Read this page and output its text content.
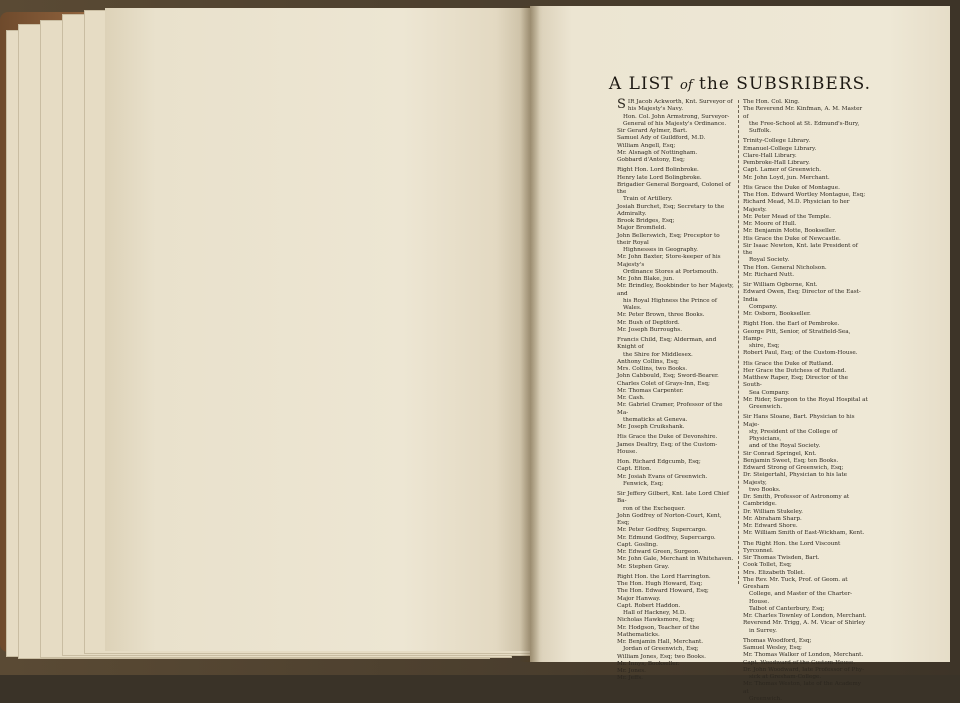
A LIST of the SUBSRIBERS.
SIR Jacob Ackworth, Knt. Surveyor of
his Majesty's Navy.
Hon. Col. John Armstrong, Surveyor-
General of his Majesty's Ordinance.
Sir Gerard Aylmer, Bart.
Samuel Ady of Guildford, M.D.
William Angell, Esq;
Mr. Alsnagh of Nottingham.
Gobbard d'Antony, Esq;
Right Hon. Lord Bolinbroke.
Henry late Lord Bolingbroke.
Brigadier General Borgoard, Colonel of the
Train of Artillery.
Josiah Burchet, Esq; Secretary to the Admiralty.
Brook Bridges, Esq;
Major Bromfield.
John Bellerswich, Esq; Preceptor to their Royal
Highnesses in Geography.
Mr. John Baxter, Store-keeper of his Majesty's
Ordinance Stores at Portsmouth.
Mr. John Blake, jun.
Mr. Brindley, Bookbinder to her Majesty, and
his Royal Highness the Prince of Wales.
Mr. Peter Brown, three Books.
Mr. Bush of Deptford.
Mr. Joseph Burroughs.
Francis Child, Esq; Alderman, and Knight of
the Shire for Middlesex.
Anthony Collins, Esq;
Mrs. Collins, two Books.
John Cabbould, Esq; Sword-Bearer.
Charles Colet of Grays-Inn, Esq;
Mr. Thomas Carpenter.
Mr. Cash.
Mr. Gabriel Cramer, Professor of the Ma-
thematicks at Geneva.
Mr. Joseph Cruikshank.
His Grace the Duke of Devonshire.
James Dealtry, Esq; of the Custom-House.
Hon. Richard Edgcumb, Esq;
Capt. Elton.
Mr. Josiah Evans of Greenwich.
Fenwick, Esq;
Sir Jeffery Gilbert, Knt. late Lord Chief Ba-
ron of the Exchequer.
John Godfrey of Norton-Court, Kent, Esq;
Mr. Peter Godfrey, Supercargo.
Mr. Edmund Godfrey, Supercargo.
Capt. Gosling.
Mr. Edward Green, Surgeon.
Mr. John Gale, Merchant in Whitehaven.
Mr. Stephen Gray.
Right Hon. the Lord Harrington.
The Hon. Hugh Howard, Esq;
The Hon. Edward Howard, Esq;
Major Hanway.
Capt. Robert Haddon.
Hall of Hackney, M.D.
Nicholas Hawksmore, Esq;
Mr. Hodgson, Teacher of the Mathematicks.
Mr. Benjamin Hall, Merchant.
Jordan of Greenwich, Esq;
William Jones, Esq; two Books.
Mr. Innys, Bookseller.
Mr. Jones.
Mr. Jeffs.
The Hon. Col. King.
The Reverend Mr. Kinfman, A. M. Master of
the Free-School at St. Edmund's-Bury, Suffolk.
Trinity-College Library.
Emanuel-College Library.
Clare-Hall Library.
Pembroke-Hall Library.
Capt. Lamer of Greenwich.
Mr. John Loyd, jun. Merchant.
His Grace the Duke of Montague.
The Hon. Edward Wortley Montague, Esq;
Richard Mead, M.D. Physician to her Majesty.
Mr. Peter Mead of the Temple.
Mr. Moore of Hull.
Mr. Benjamin Motte, Bookseller.
His Grace the Duke of Newcastle.
Sir Isaac Newton, Knt. late President of the
Royal Society.
The Hon. General Nicholson.
Mr. Richard Nutt.
Sir William Ogborne, Knt.
Edward Owen, Esq; Director of the East-India
Company.
Mr. Osborn, Bookseller.
Right Hon. the Earl of Pembroke.
George Pitt, Senior, of Stratfield-Sea, Hamp-
shire, Esq;
Robert Paul, Esq; of the Custom-House.
His Grace the Duke of Rutland.
Her Grace the Dutchess of Rutland.
Matthew Raper, Esq; Director of the South-
Sea Company.
Mr. Rider, Surgeon to the Royal Hospital at
Greenwich.
Sir Hans Sloane, Bart. Physician to his Maje-
sty, President of the College of Physicians,
and of the Royal Society.
Sir Conrad Springel, Knt.
Benjamin Sweet, Esq; ten Books.
Edward Strong of Greenwich, Esq;
Dr. Steigertahl, Physician to his late Majesty,
two Books.
Dr. Smith, Professor of Astronomy at Cambridge.
Dr. William Stukeley.
Mr. Abraham Sharp.
Mr. Edward Shore.
Mr. William Smith of East-Wickham, Kent.
The Right Hon. the Lord Viscount Tyrconnel.
Sir Thomas Twisden, Bart.
Cook Tollet, Esq;
Mrs. Elizabeth Tollet.
The Rev. Mr. Tuck, Prof. of Geom. at Gresham
College, and Master of the Charter-House.
Talbot of Canterbury, Esq;
Mr. Charles Townley of London, Merchant.
Reverend Mr. Trigg, A. M. Vicar of Shirley
in Surrey.
Thomas Woodford, Esq;
Samuel Wesley, Esq;
Mr. Thomas Walker of London, Merchant.
Capt. Woodward of the Custom-House.
Dr. John Woodward, late Professor of Phy-
sick at Gresham-College.
Mr. Thomas Weston, late of the Academy at
Greenwich.
